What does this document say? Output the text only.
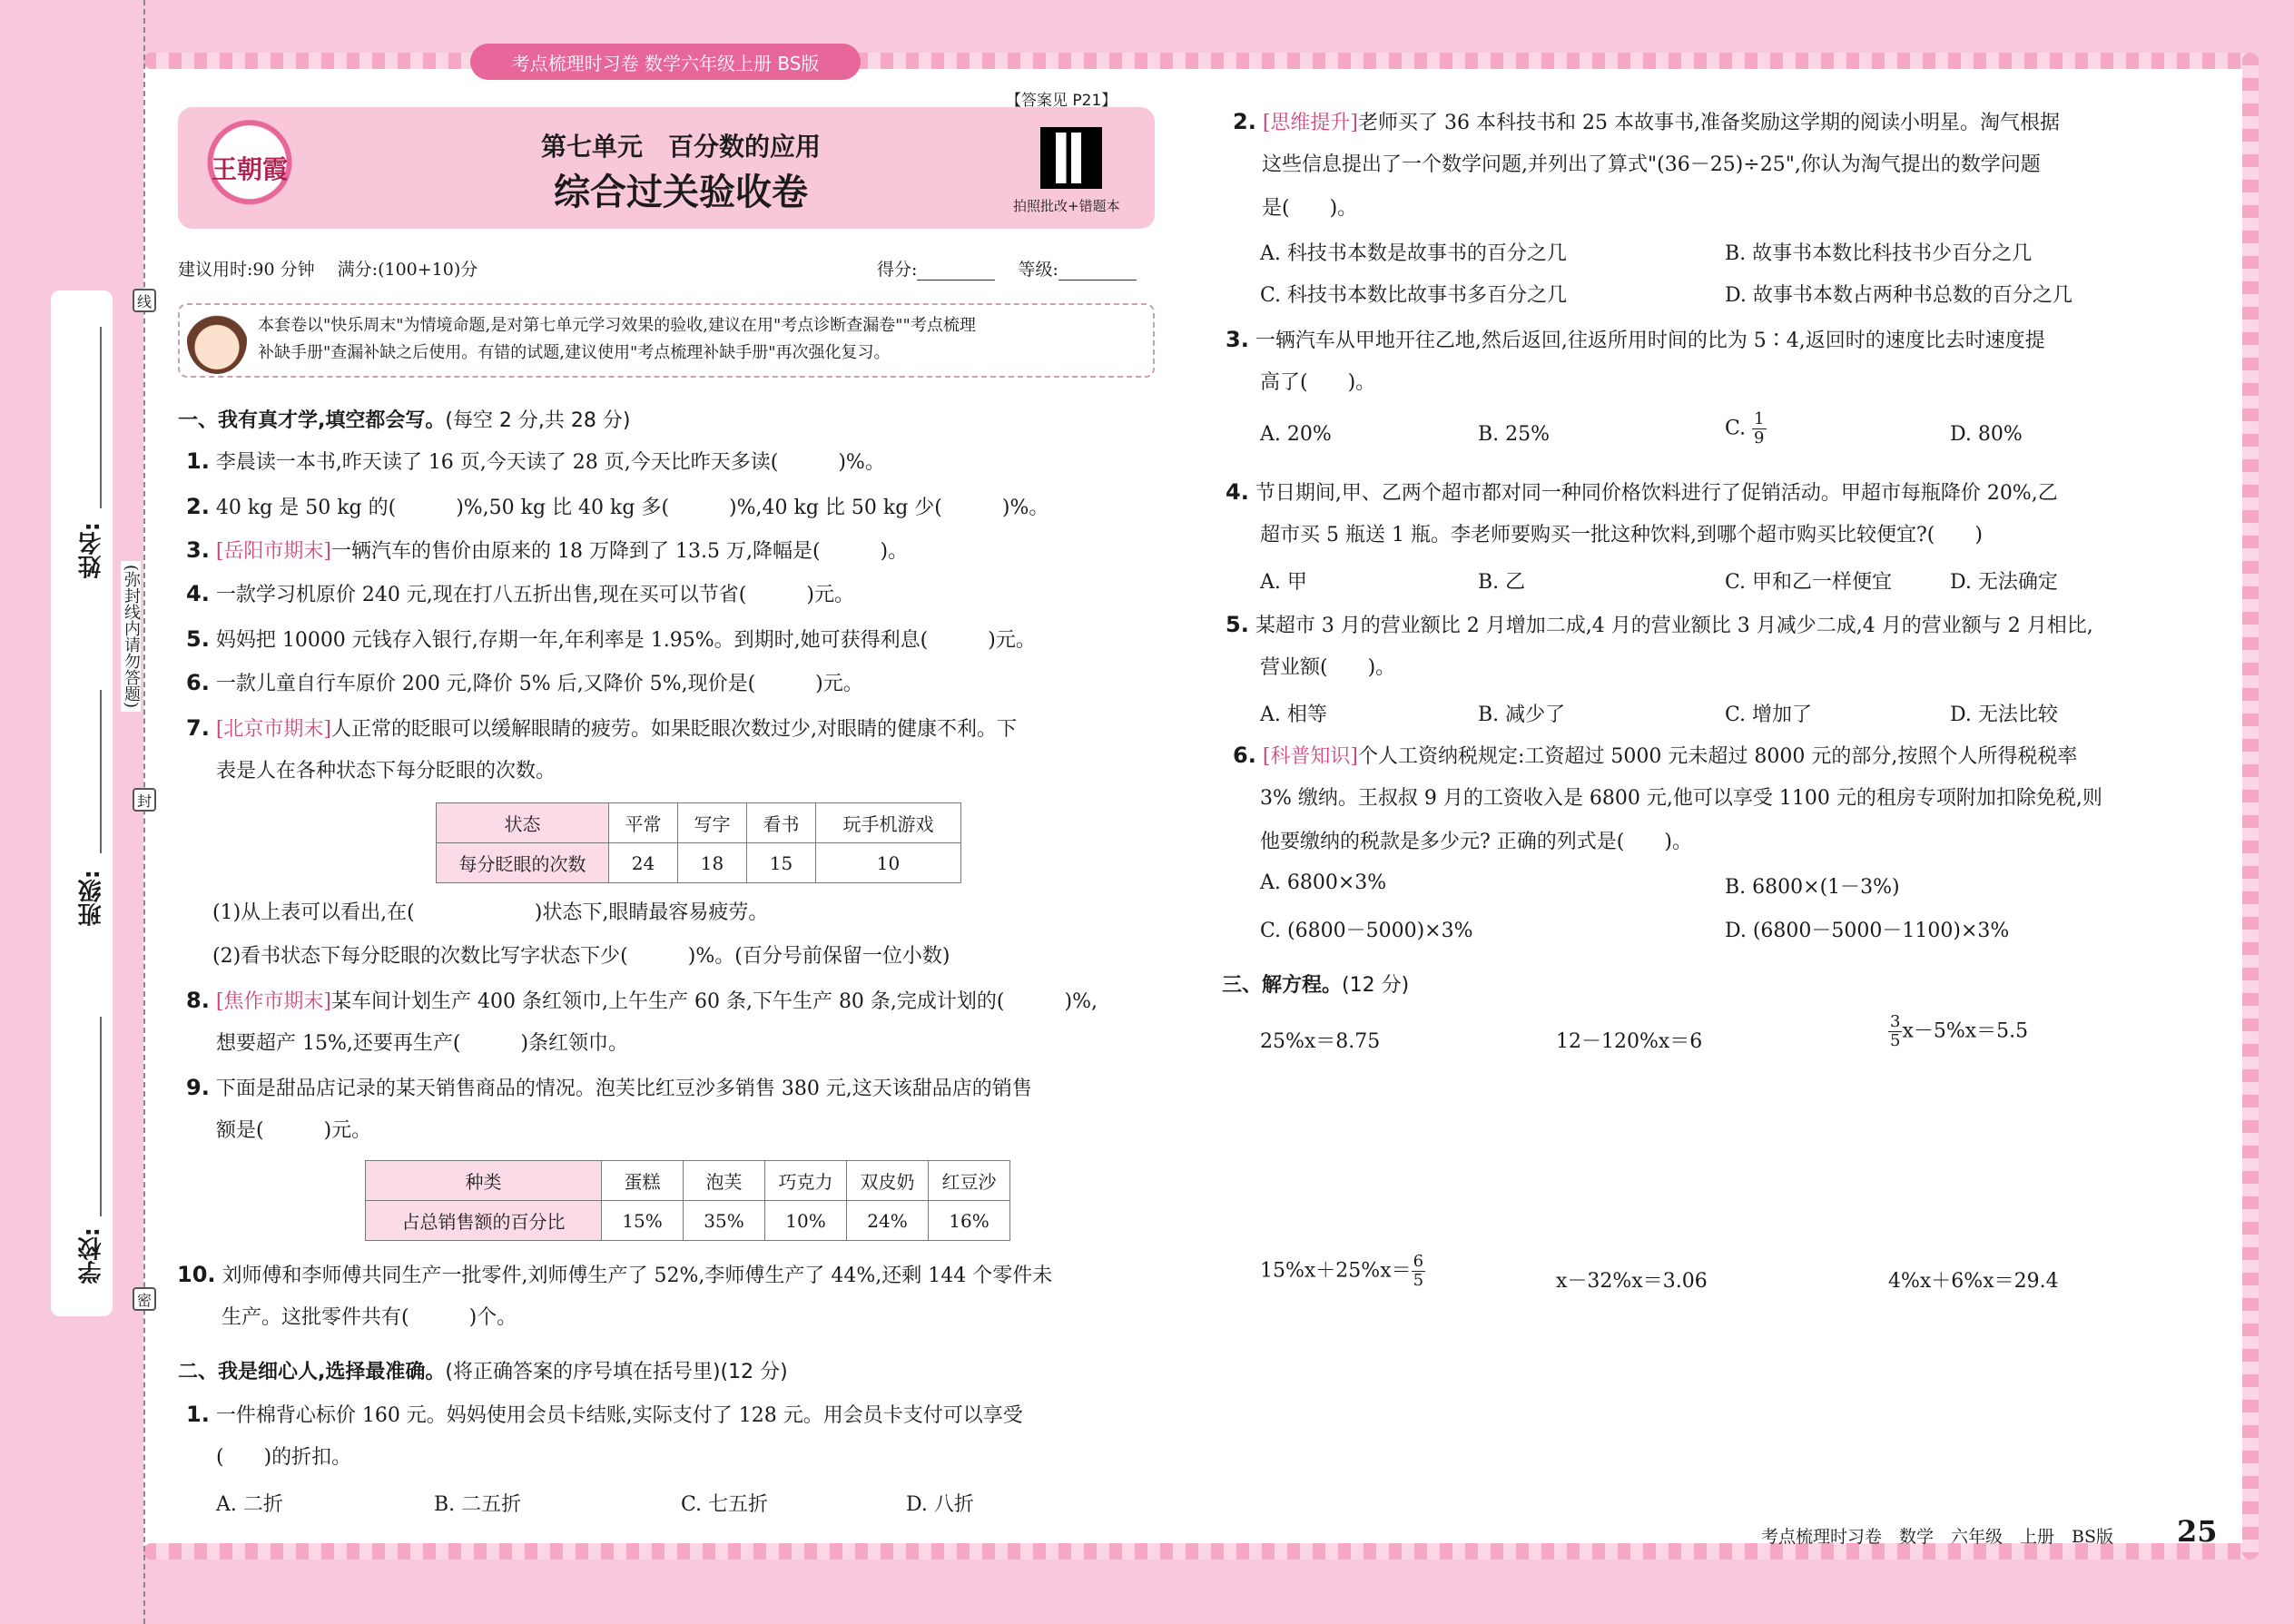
考点梳理时习卷 数学六年级上册 BS版
姓名:
班级:
学校:
线
封
密
(弥封线内请勿答题)
王朝霞
第七单元　百分数的应用
综合过关验收卷
【答案见 P21】
拍照批改+错题本
建议用时:90 分钟　 满分:(100+10)分	得分: 　	等级:
本套卷以"快乐周末"为情境命题,是对第七单元学习效果的验收,建议在用"考点诊断查漏卷""考点梳理
补缺手册"查漏补缺之后使用。有错的试题,建议使用"考点梳理补缺手册"再次强化复习。
一、我有真才学,填空都会写。(每空 2 分,共 28 分)
1. 李晨读一本书,昨天读了 16 页,今天读了 28 页,今天比昨天多读(　　　)%。
2. 40 kg 是 50 kg 的(　　　)%,50 kg 比 40 kg 多(　　　)%,40 kg 比 50 kg 少(　　　)%。
3. [岳阳市期末]一辆汽车的售价由原来的 18 万降到了 13.5 万,降幅是(　　　)。
4. 一款学习机原价 240 元,现在打八五折出售,现在买可以节省(　　　)元。
5. 妈妈把 10000 元钱存入银行,存期一年,年利率是 1.95%。到期时,她可获得利息(　　　)元。
6. 一款儿童自行车原价 200 元,降价 5% 后,又降价 5%,现价是(　　　)元。
7. [北京市期末]人正常的眨眼可以缓解眼睛的疲劳。如果眨眼次数过少,对眼睛的健康不利。下
表是人在各种状态下每分眨眼的次数。
状态	平常	写字	看书	玩手机游戏
每分眨眼的次数	24	18	15	10
(1)从上表可以看出,在(　　　　　　)状态下,眼睛最容易疲劳。
(2)看书状态下每分眨眼的次数比写字状态下少(　　　)%。(百分号前保留一位小数)
8. [焦作市期末]某车间计划生产 400 条红领巾,上午生产 60 条,下午生产 80 条,完成计划的(　　　)%,
想要超产 15%,还要再生产(　　　)条红领巾。
9. 下面是甜品店记录的某天销售商品的情况。泡芙比红豆沙多销售 380 元,这天该甜品店的销售
额是(　　　)元。
种类	蛋糕	泡芙	巧克力	双皮奶	红豆沙
占总销售额的百分比	15%	35%	10%	24%	16%
10. 刘师傅和李师傅共同生产一批零件,刘师傅生产了 52%,李师傅生产了 44%,还剩 144 个零件未
生产。这批零件共有(　　　)个。
二、我是细心人,选择最准确。(将正确答案的序号填在括号里)(12 分)
1. 一件棉背心标价 160 元。妈妈使用会员卡结账,实际支付了 128 元。用会员卡支付可以享受
(　　)的折扣。
A. 二折	B. 二五折	C. 七五折	D. 八折
2. [思维提升]老师买了 36 本科技书和 25 本故事书,准备奖励这学期的阅读小明星。淘气根据
这些信息提出了一个数学问题,并列出了算式"(36－25)÷25",你认为淘气提出的数学问题
是(　　)。
A. 科技书本数是故事书的百分之几	B. 故事书本数比科技书少百分之几
C. 科技书本数比故事书多百分之几	D. 故事书本数占两种书总数的百分之几
3. 一辆汽车从甲地开往乙地,然后返回,往返所用时间的比为 5∶4,返回时的速度比去时速度提
高了(　　)。
A. 20%	B. 25%	C. $\frac{1}{9}$	D. 80%
4. 节日期间,甲、乙两个超市都对同一种同价格饮料进行了促销活动。甲超市每瓶降价 20%,乙
超市买 5 瓶送 1 瓶。李老师要购买一批这种饮料,到哪个超市购买比较便宜?(　　)
A. 甲	B. 乙	C. 甲和乙一样便宜	D. 无法确定
5. 某超市 3 月的营业额比 2 月增加二成,4 月的营业额比 3 月减少二成,4 月的营业额与 2 月相比,
营业额(　　)。
A. 相等	B. 减少了	C. 增加了	D. 无法比较
6. [科普知识]个人工资纳税规定:工资超过 5000 元未超过 8000 元的部分,按照个人所得税税率
3% 缴纳。王叔叔 9 月的工资收入是 6800 元,他可以享受 1100 元的租房专项附加扣除免税,则
他要缴纳的税款是多少元? 正确的列式是(　　)。
A. 6800×3%	B. 6800×(1－3%)
C. (6800－5000)×3%	D. (6800－5000－1100)×3%
三、解方程。(12 分)
25%x＝8.75	12－120%x＝6	$\frac{3}{5} x-5\%x=5.5$
$15\%x+25\%x= \frac{6}{5}$	x－32%x＝3.06	4%x＋6%x＝29.4
考点梳理时习卷　数学　六年级　上册　BS版 25
